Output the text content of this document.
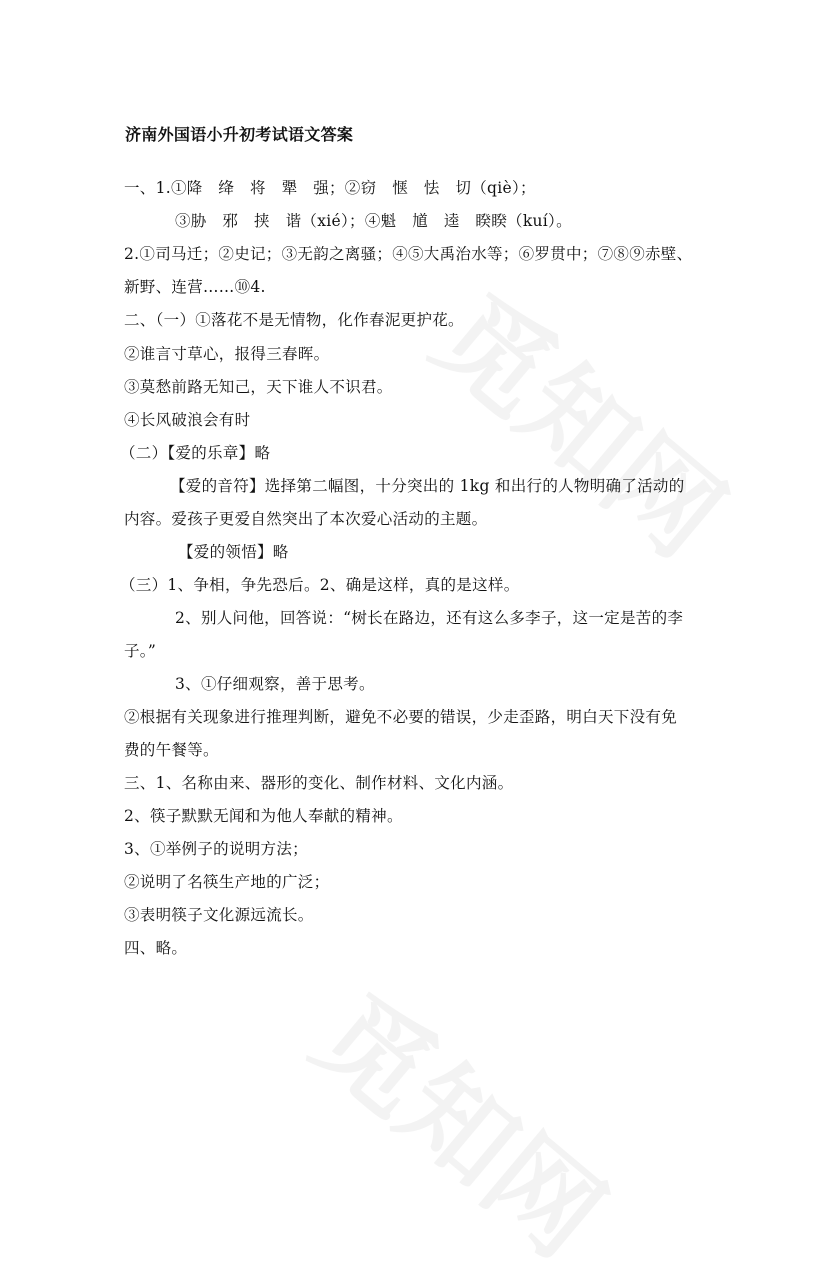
济南外国语小升初考试语文答案
一、1.①降　绛　将　犟　强；②窃　惬　怯　切（qiè）；
③胁　邪　挟　谐（xié）；④魁　馗　逵　睽睽（kuí）。
2.①司马迁；②史记；③无韵之离骚；④⑤大禹治水等；⑥罗贯中；⑦⑧⑨赤壁、
新野、连营……⑩4.
二、（一）①落花不是无情物，化作春泥更护花。
②谁言寸草心，报得三春晖。
③莫愁前路无知己，天下谁人不识君。
④长风破浪会有时
（二）【爱的乐章】略
【爱的音符】选择第二幅图，十分突出的 1kg 和出行的人物明确了活动的
内容。爱孩子更爱自然突出了本次爱心活动的主题。
【爱的领悟】略
（三）1、争相，争先恐后。2、确是这样，真的是这样。
2、别人问他，回答说：“树长在路边，还有这么多李子，这一定是苦的李
子。”
3、①仔细观察，善于思考。
②根据有关现象进行推理判断，避免不必要的错误，少走歪路，明白天下没有免
费的午餐等。
三、1、名称由来、器形的变化、制作材料、文化内涵。
2、筷子默默无闻和为他人奉献的精神。
3、①举例子的说明方法；
②说明了名筷生产地的广泛；
③表明筷子文化源远流长。
四、略。
